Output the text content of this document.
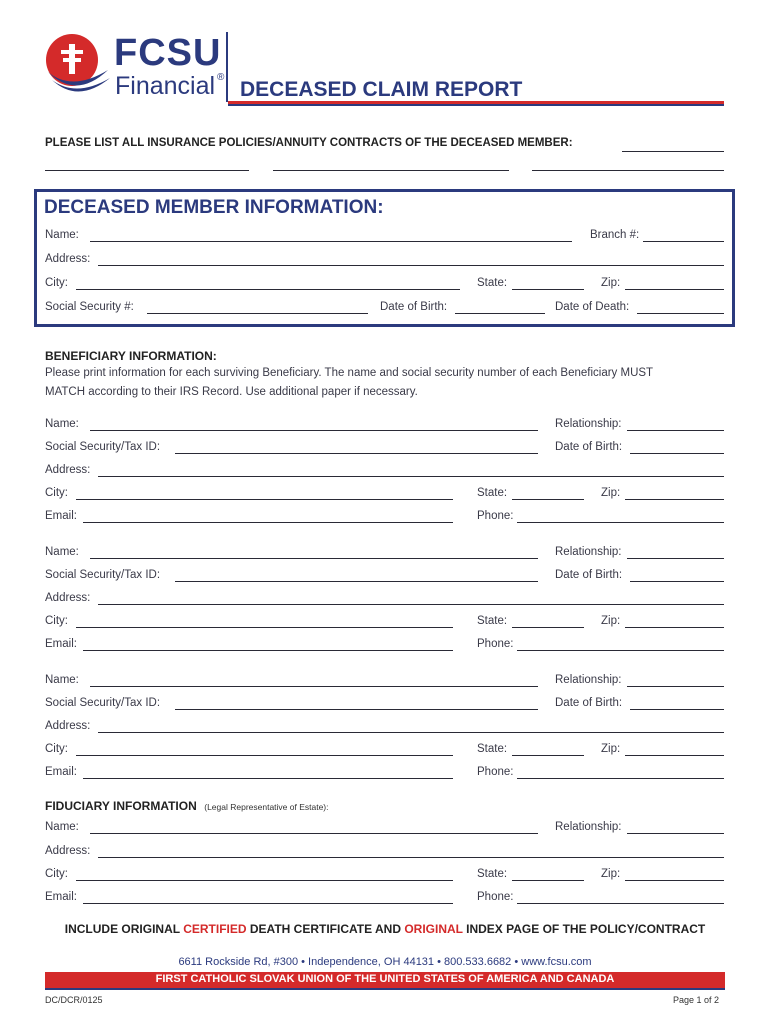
FCSU
Financial ®
DECEASED CLAIM REPORT
PLEASE LIST ALL INSURANCE POLICIES/ANNUITY CONTRACTS OF THE DECEASED MEMBER:
DECEASED MEMBER INFORMATION:
Name:	Branch #:
Address:
City:	State:	Zip:
Social Security #:	Date of Birth:	Date of Death:
BENEFICIARY INFORMATION:
Please print information for each surviving Beneficiary. The name and social security number of each Beneficiary MUST
MATCH according to their IRS Record. Use additional paper if necessary.
Name:	Relationship:
Social Security/Tax ID:	Date of Birth:
Address:
City:	State:	Zip:
Email:	Phone:
Name:	Relationship:
Social Security/Tax ID:	Date of Birth:
Address:
City:	State:	Zip:
Email:	Phone:
Name:	Relationship:
Social Security/Tax ID:	Date of Birth:
Address:
City:	State:	Zip:
Email:	Phone:
FIDUCIARY INFORMATION (Legal Representative of Estate):
Name:	Relationship:
Address:
City:	State:	Zip:
Email:	Phone:
INCLUDE ORIGINAL CERTIFIED DEATH CERTIFICATE AND ORIGINAL INDEX PAGE OF THE POLICY/CONTRACT
6611 Rockside Rd, #300 • Independence, OH 44131 • 800.533.6682 • www.fcsu.com
FIRST CATHOLIC SLOVAK UNION OF THE UNITED STATES OF AMERICA AND CANADA
DC/DCR/0125	Page 1 of 2
